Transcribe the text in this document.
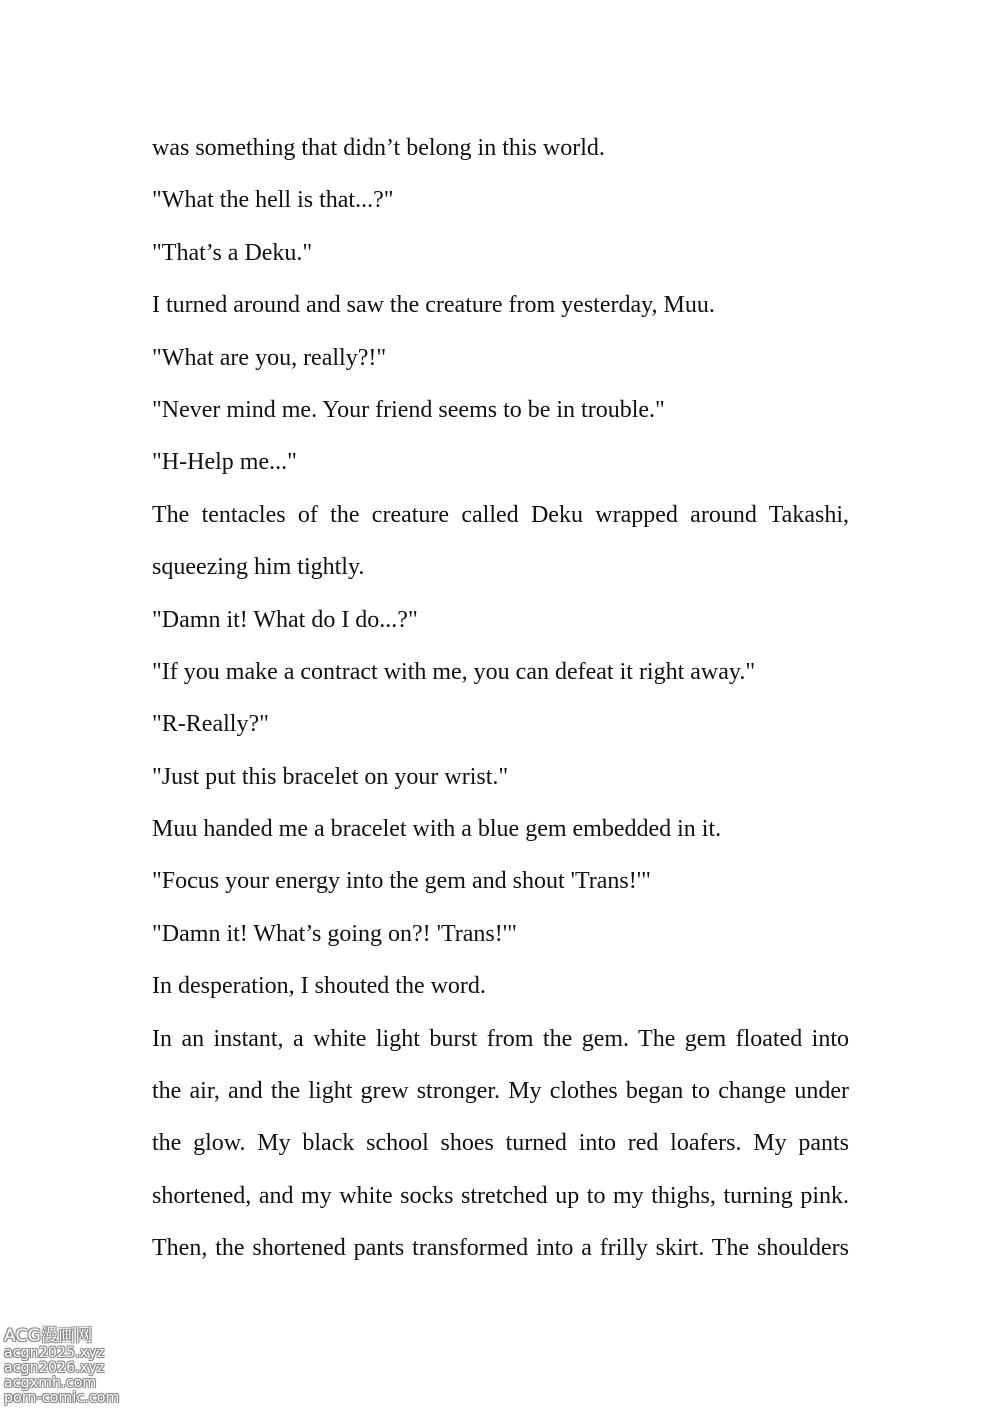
was something that didn’t belong in this world.
"What the hell is that...?"
"That’s a Deku."
I turned around and saw the creature from yesterday, Muu.
"What are you, really?!"
"Never mind me. Your friend seems to be in trouble."
"H-Help me..."
The tentacles of the creature called Deku wrapped around Takashi,
squeezing him tightly.
"Damn it! What do I do...?"
"If you make a contract with me, you can defeat it right away."
"R-Really?"
"Just put this bracelet on your wrist."
Muu handed me a bracelet with a blue gem embedded in it.
"Focus your energy into the gem and shout 'Trans!'"
"Damn it! What’s going on?! 'Trans!'"
In desperation, I shouted the word.
In an instant, a white light burst from the gem. The gem floated into
the air, and the light grew stronger. My clothes began to change under
the glow. My black school shoes turned into red loafers. My pants
shortened, and my white socks stretched up to my thighs, turning pink.
Then, the shortened pants transformed into a frilly skirt. The shoulders
ACG漫画网
acgn2025.xyz
acgn2026.xyz
acgxmh.com
porn-comic.com
